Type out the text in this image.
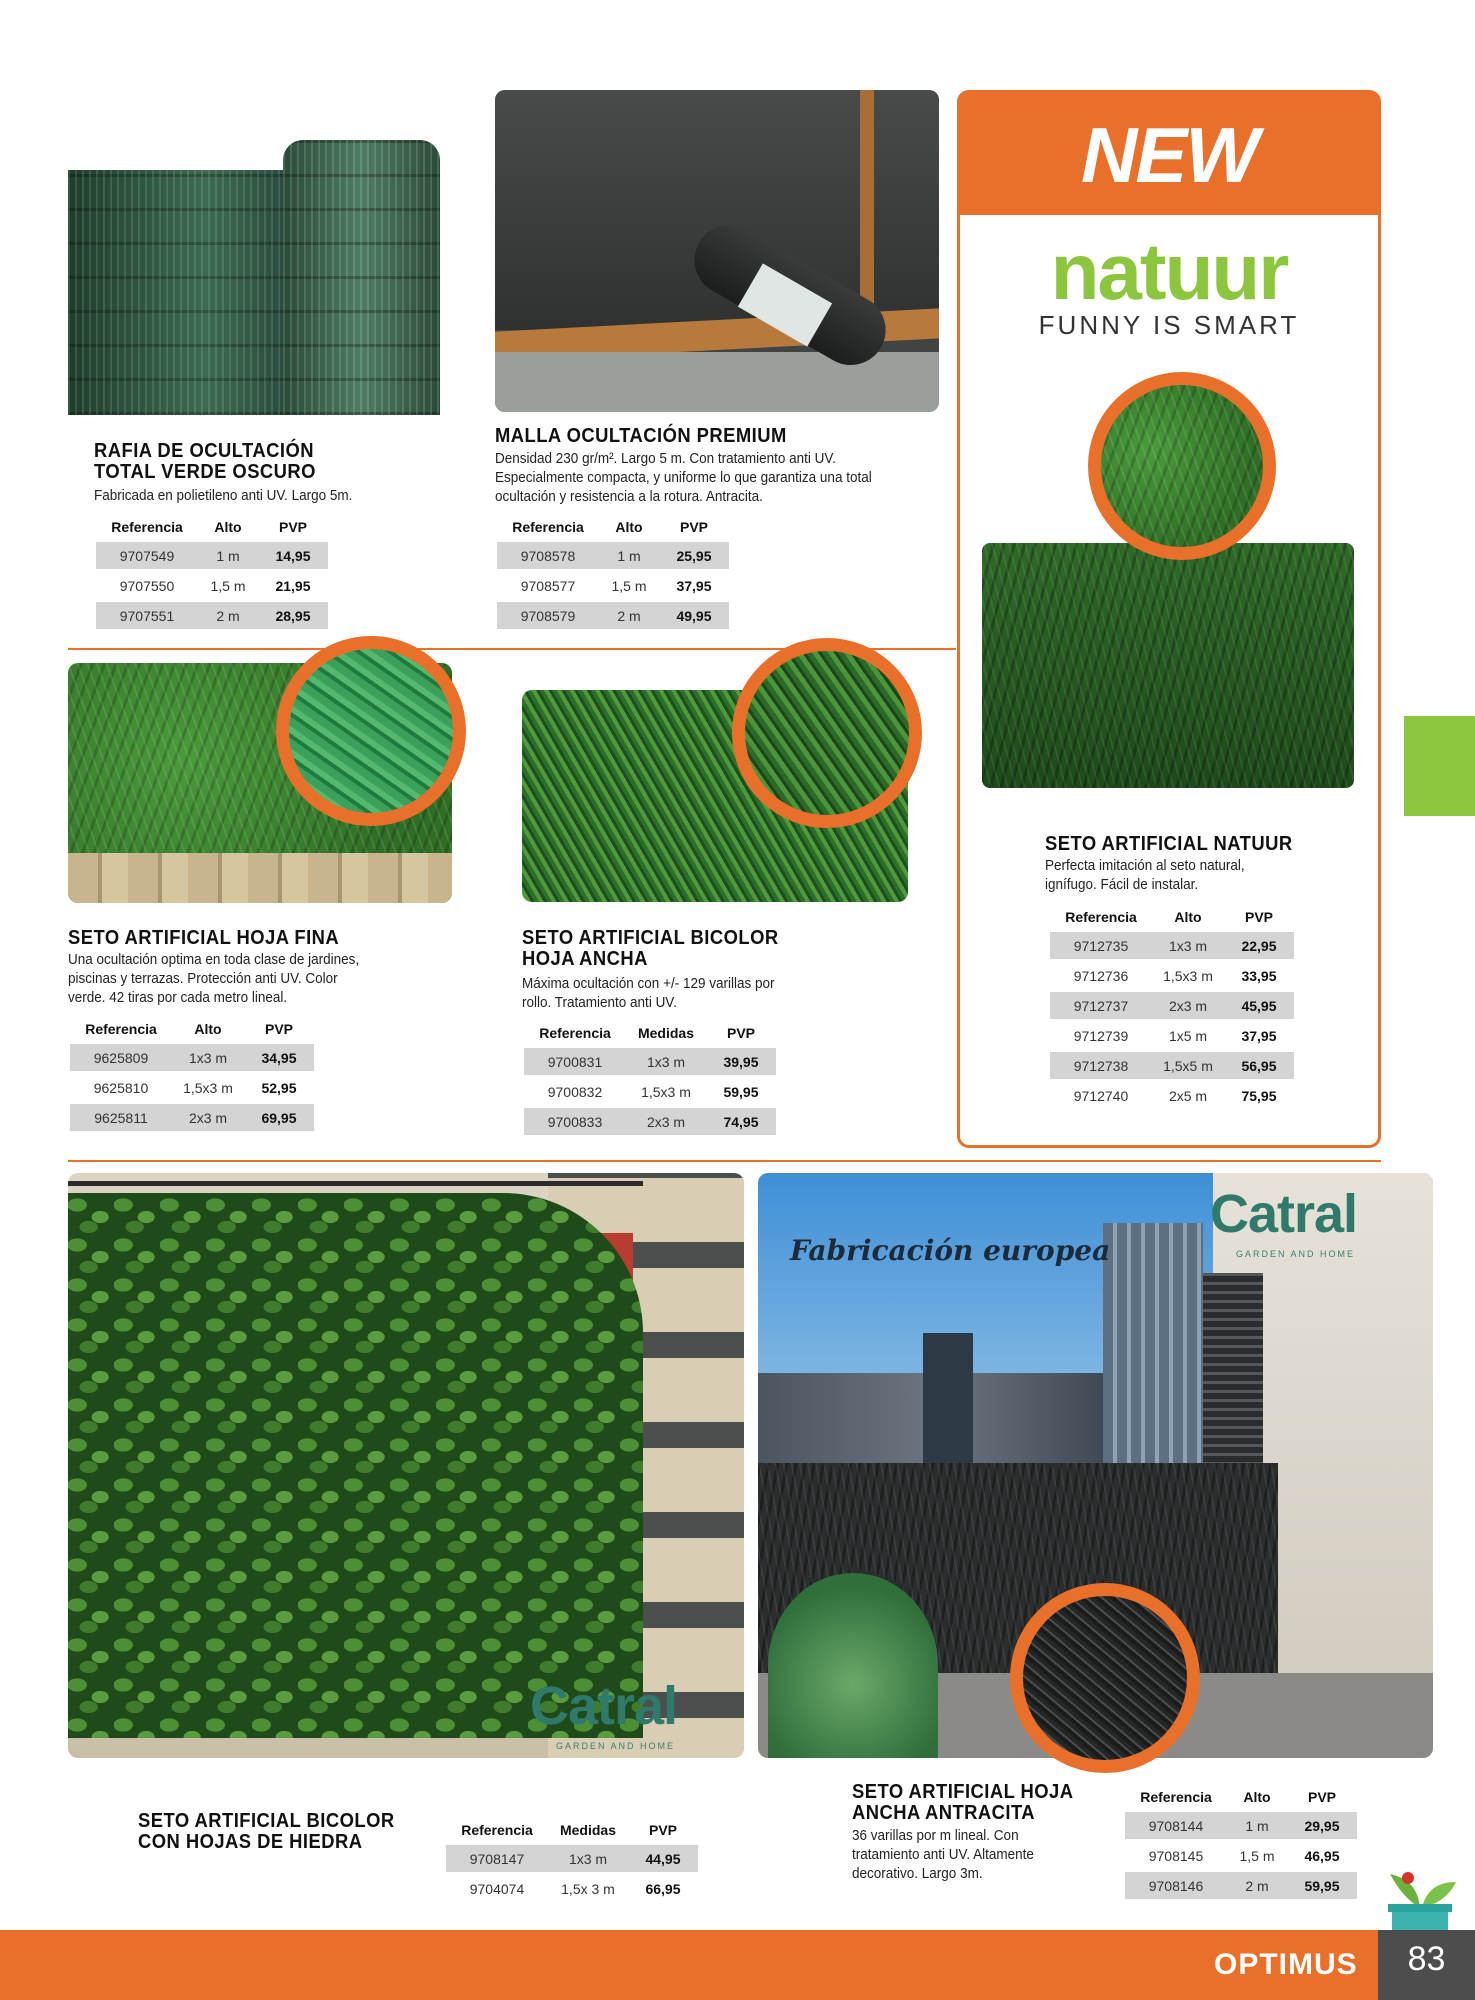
RAFIA DE OCULTACIÓN TOTAL VERDE OSCURO
Fabricada en polietileno anti UV. Largo 5m.
Referencia	Alto	PVP
9707549	1 m	14,95
9707550	1,5 m	21,95
9707551	2 m	28,95
MALLA OCULTACIÓN PREMIUM
Densidad 230 gr/m². Largo 5 m. Con tratamiento anti UV. Especialmente compacta, y uniforme lo que garantiza una total ocultación y resistencia a la rotura. Antracita.
Referencia	Alto	PVP
9708578	1 m	25,95
9708577	1,5 m	37,95
9708579	2 m	49,95
NEW
natuur
FUNNY IS SMART
SETO ARTIFICIAL NATUUR
Perfecta imitación al seto natural, ignífugo. Fácil de instalar.
Referencia	Alto	PVP
9712735	1x3 m	22,95
9712736	1,5x3 m	33,95
9712737	2x3 m	45,95
9712739	1x5 m	37,95
9712738	1,5x5 m	56,95
9712740	2x5 m	75,95
SETO ARTIFICIAL HOJA FINA
Una ocultación optima en toda clase de jardines, piscinas y terrazas. Protección anti UV. Color verde. 42 tiras por cada metro lineal.
Referencia	Alto	PVP
9625809	1x3 m	34,95
9625810	1,5x3 m	52,95
9625811	2x3 m	69,95
SETO ARTIFICIAL BICOLOR HOJA ANCHA
Máxima ocultación con +/- 129 varillas por rollo. Tratamiento anti UV.
Referencia	Medidas	PVP
9700831	1x3 m	39,95
9700832	1,5x3 m	59,95
9700833	2x3 m	74,95
Catral
GARDEN AND HOME
SETO ARTIFICIAL BICOLOR CON HOJAS DE HIEDRA
Referencia	Medidas	PVP
9708147	1x3 m	44,95
9704074	1,5x 3 m	66,95
Fabricación europea
Catral
GARDEN AND HOME
SETO ARTIFICIAL HOJA ANCHA ANTRACITA
36 varillas por m lineal. Con tratamiento anti UV. Altamente decorativo. Largo 3m.
Referencia	Alto	PVP
9708144	1 m	29,95
9708145	1,5 m	46,95
9708146	2 m	59,95
OPTIMUS	83
